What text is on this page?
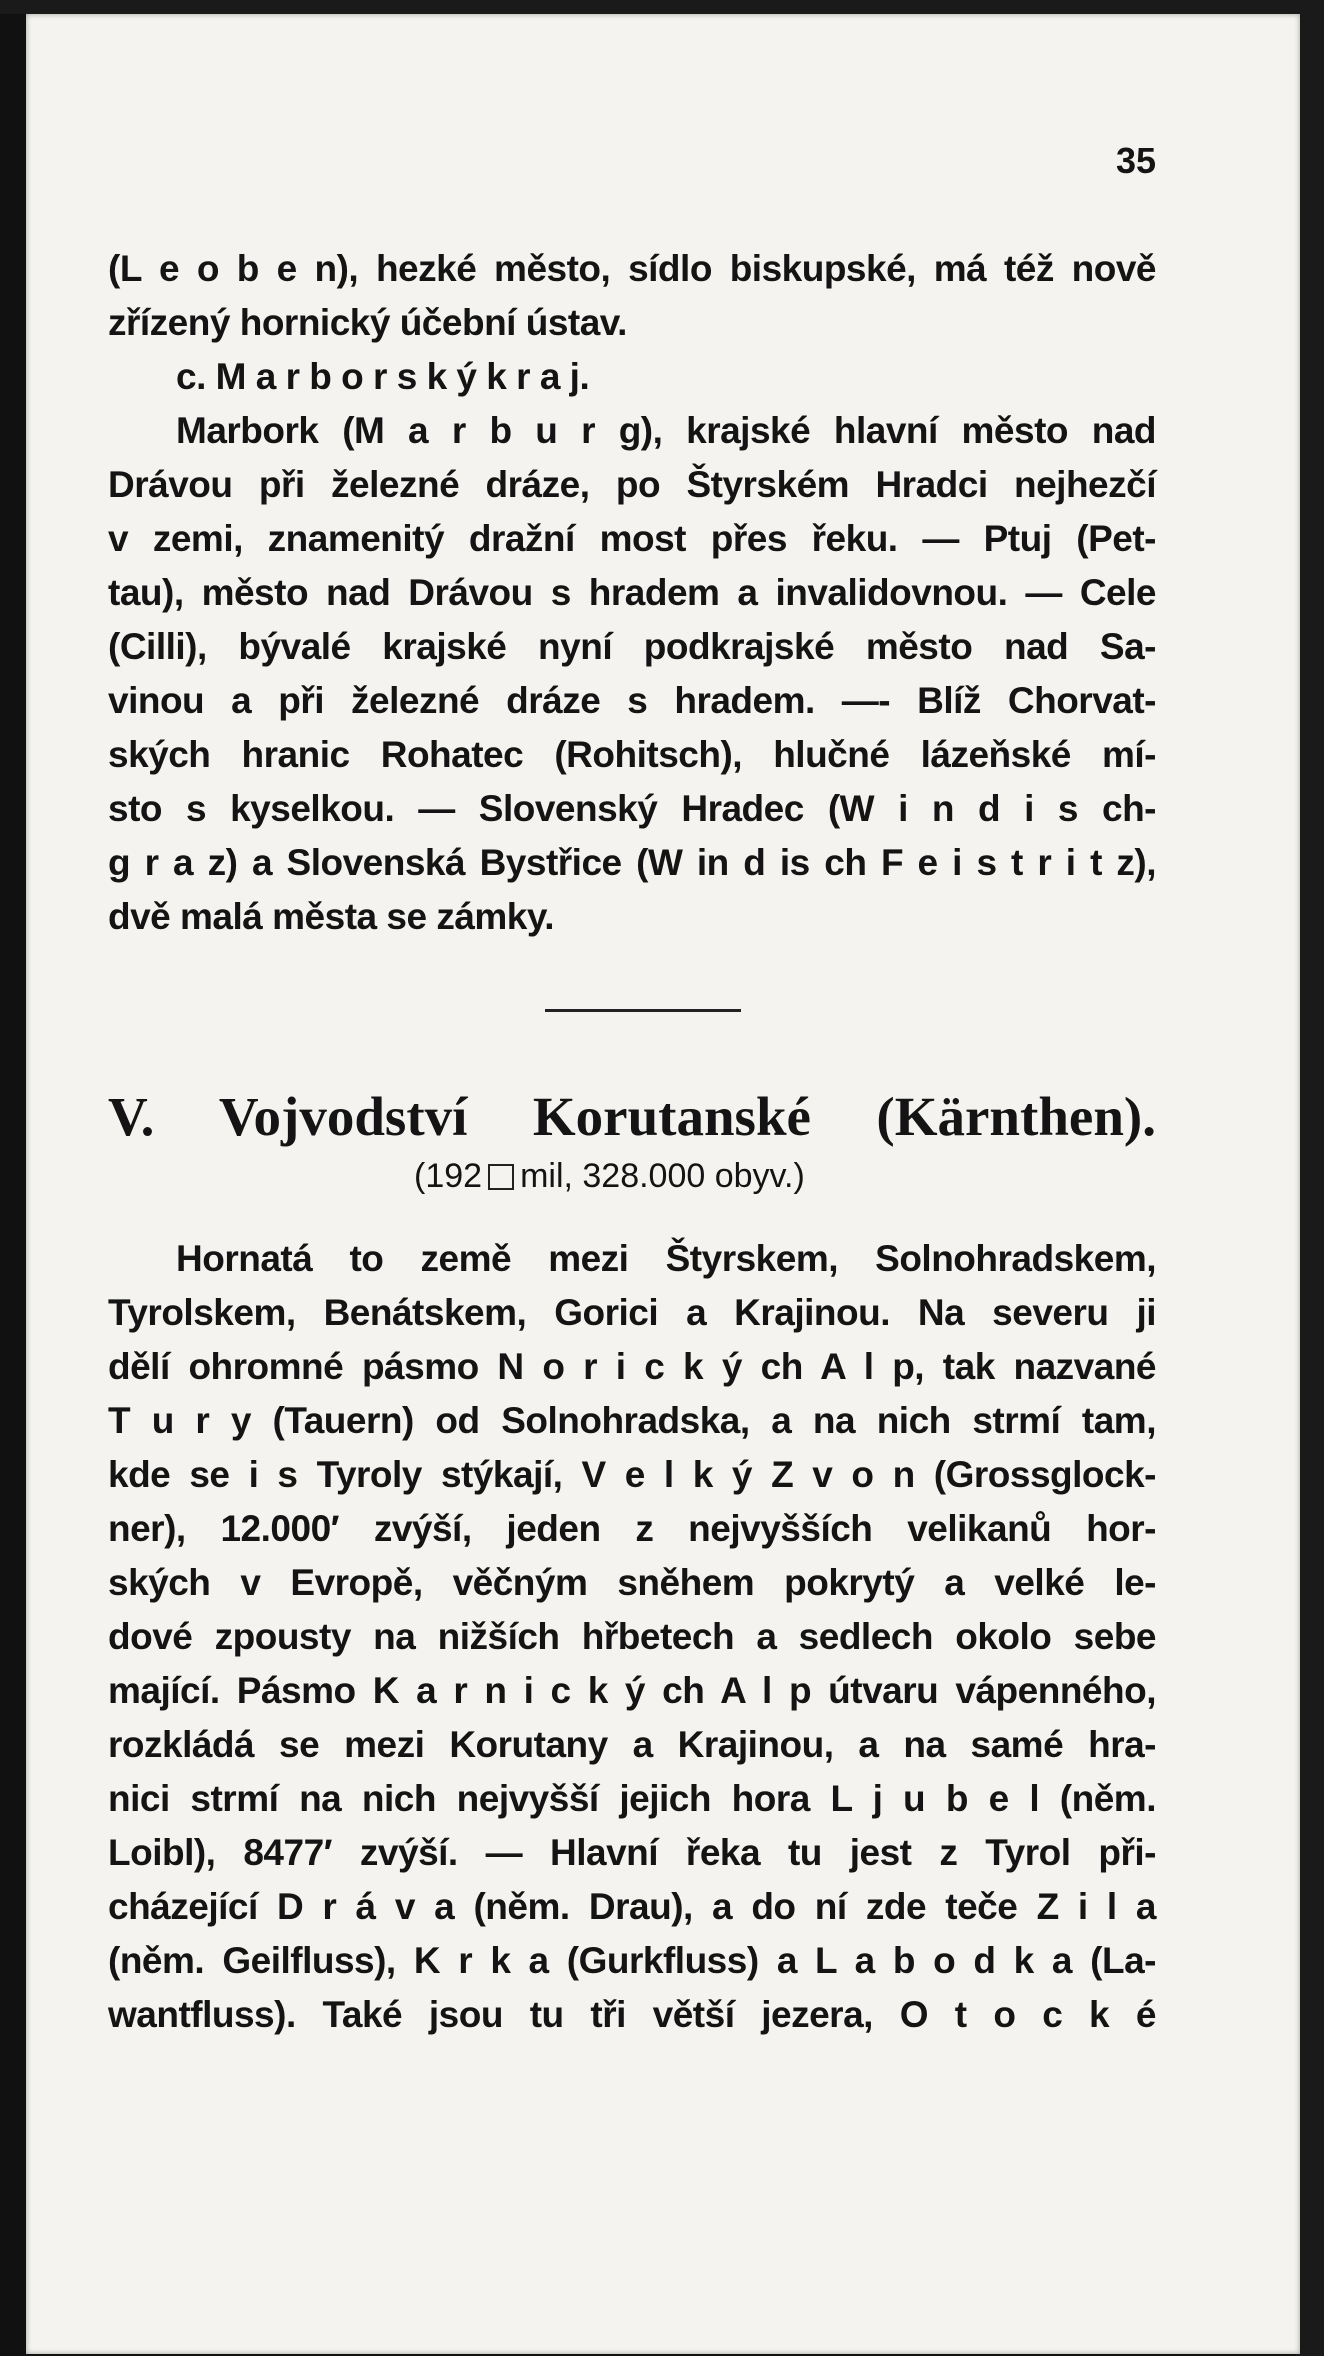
35
(L e o b e n), hezké město, sídlo biskupské, má též nově
zřízený hornický účební ústav.
c. M a r b o r s k ý k r a j.
Marbork (M a r b u r g), krajské hlavní město nad
Drávou při železné dráze, po Štyrském Hradci nejhezčí
v zemi, znamenitý dražní most přes řeku. — Ptuj (Pet-
tau), město nad Drávou s hradem a invalidovnou. — Cele
(Cilli), bývalé krajské nyní podkrajské město nad Sa-
vinou a při železné dráze s hradem. —- Blíž Chorvat-
ských hranic Rohatec (Rohitsch), hlučné lázeňské mí-
sto s kyselkou. — Slovenský Hradec (W i n d i s ch-
g r a z) a Slovenská Bystřice (W in d is ch F e i s t r i t z),
dvě malá města se zámky.
V. Vojvodství Korutanské (Kärnthen).
(192 mil, 328.000 obyv.)
Hornatá to země mezi Štyrskem, Solnohradskem,
Tyrolskem, Benátskem, Gorici a Krajinou. Na severu ji
dělí ohromné pásmo N o r i c k ý ch A l p, tak nazvané
T u r y (Tauern) od Solnohradska, a na nich strmí tam,
kde se i s Tyroly stýkají, V e l k ý Z v o n (Grossglock-
ner), 12.000′ zvýší, jeden z nejvyšších velikanů hor-
ských v Evropě, věčným sněhem pokrytý a velké le-
dové zpousty na nižších hřbetech a sedlech okolo sebe
mající. Pásmo K a r n i c k ý ch A l p útvaru vápenného,
rozkládá se mezi Korutany a Krajinou, a na samé hra-
nici strmí na nich nejvyšší jejich hora L j u b e l (něm.
Loibl), 8477′ zvýší. — Hlavní řeka tu jest z Tyrol při-
cházející D r á v a (něm. Drau), a do ní zde teče Z i l a
(něm. Geilfluss), K r k a (Gurkfluss) a L a b o d k a (La-
wantfluss). Také jsou tu tři větší jezera, O t o c k é
